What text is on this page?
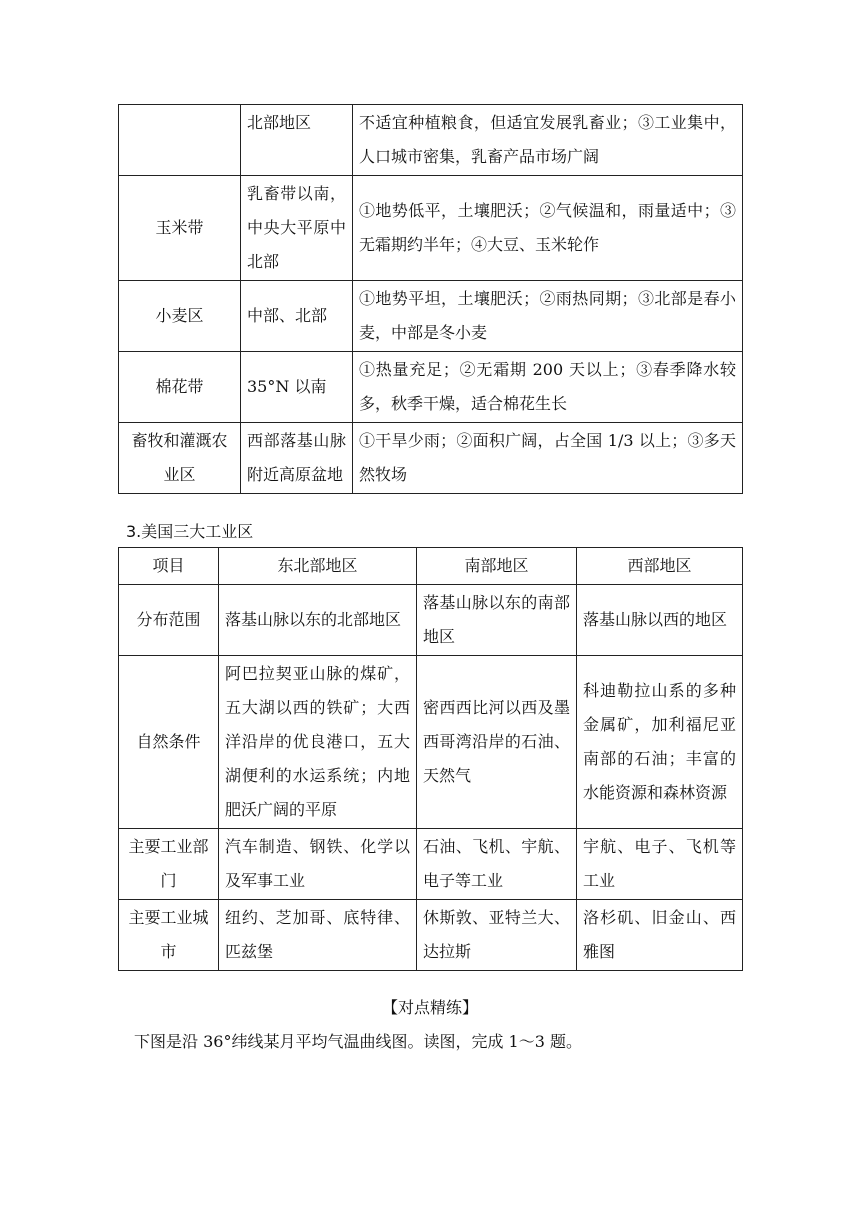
	北部地区	不适宜种植粮食，但适宜发展乳畜业；③工业集中，人口城市密集，乳畜产品市场广阔
玉米带	乳畜带以南，中央大平原中北部	①地势低平，土壤肥沃；②气候温和，雨量适中；③无霜期约半年；④大豆、玉米轮作
小麦区	中部、北部	①地势平坦，土壤肥沃；②雨热同期；③北部是春小麦，中部是冬小麦
棉花带	35°N 以南	①热量充足；②无霜期 200 天以上；③春季降水较多，秋季干燥，适合棉花生长
畜牧和灌溉农业区	西部落基山脉附近高原盆地	①干旱少雨；②面积广阔，占全国 1/3 以上；③多天然牧场
3.美国三大工业区
项目	东北部地区	南部地区	西部地区
分布范围	落基山脉以东的北部地区	落基山脉以东的南部地区	落基山脉以西的地区
自然条件	阿巴拉契亚山脉的煤矿，五大湖以西的铁矿；大西洋沿岸的优良港口，五大湖便利的水运系统；内地肥沃广阔的平原	密西西比河以西及墨西哥湾沿岸的石油、天然气	科迪勒拉山系的多种金属矿，加利福尼亚南部的石油；丰富的水能资源和森林资源
主要工业部门	汽车制造、钢铁、化学以及军事工业	石油、飞机、宇航、电子等工业	宇航、电子、飞机等工业
主要工业城市	纽约、芝加哥、底特律、匹兹堡	休斯敦、亚特兰大、达拉斯	洛杉矶、旧金山、西雅图
【对点精练】
下图是沿 36°纬线某月平均气温曲线图。读图，完成 1～3 题。
